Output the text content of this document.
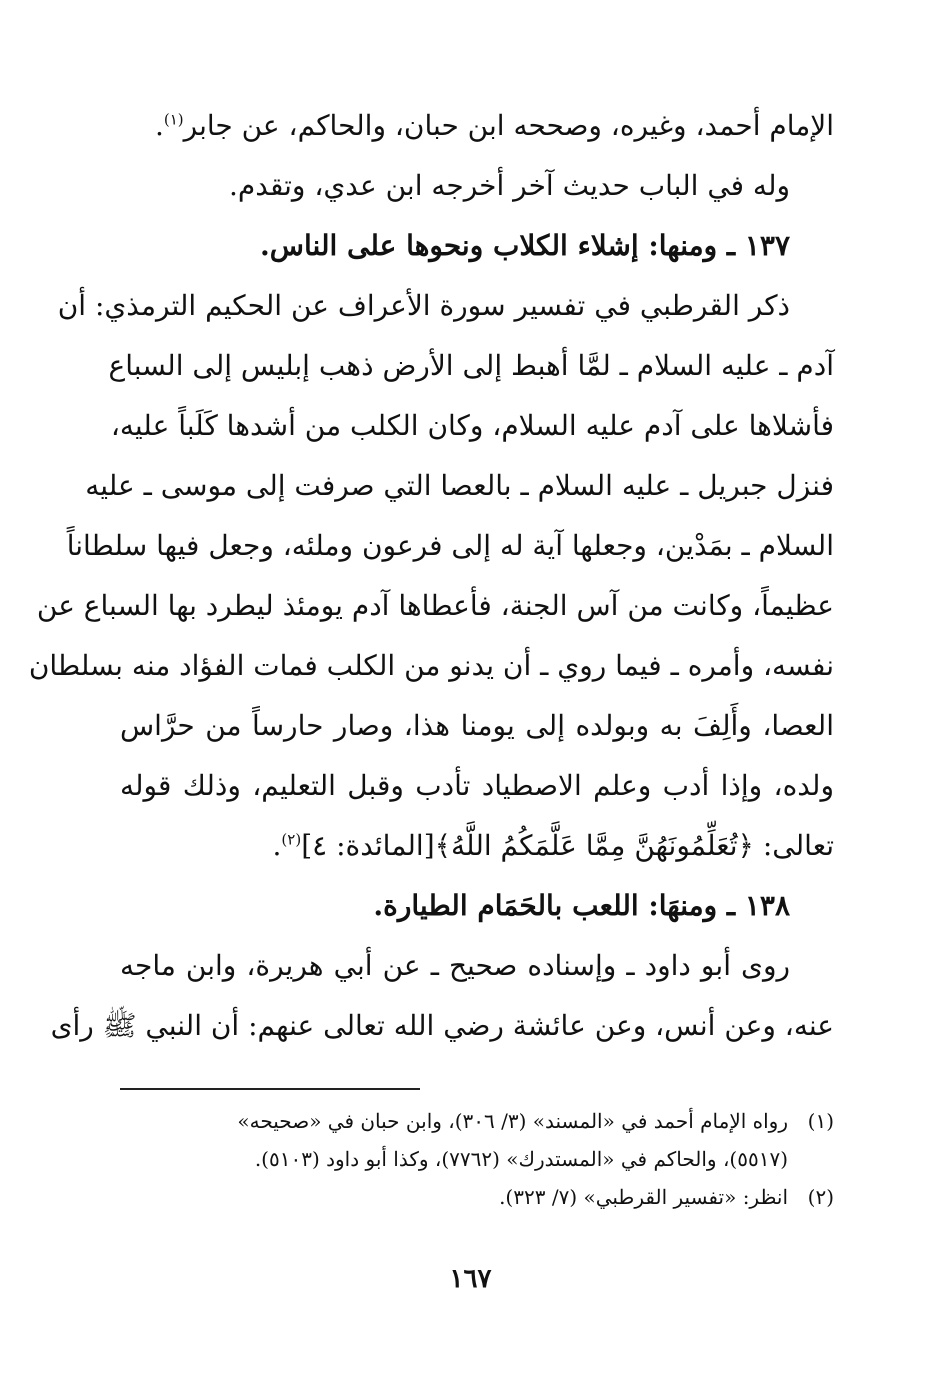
الإمام أحمد، وغيره، وصححه ابن حبان، والحاكم، عن جابر$^{(١)}$.
وله في الباب حديث آخر أخرجه ابن عدي، وتقدم.
١٣٧ ـ ومنها: إشلاء الكلاب ونحوها على الناس.
ذكر القرطبي في تفسير سورة الأعراف عن الحكيم الترمذي: أن
آدم ـ عليه السلام ـ لمَّا أهبط إلى الأرض ذهب إبليس إلى السباع
فأشلاها على آدم عليه السلام، وكان الكلب من أشدها كَلَباً عليه،
فنزل جبريل ـ عليه السلام ـ بالعصا التي صرفت إلى موسى ـ عليه
السلام ـ بمَدْين، وجعلها آية له إلى فرعون وملئه، وجعل فيها سلطاناً
عظيماً، وكانت من آس الجنة، فأعطاها آدم يومئذ ليطرد بها السباع عن
نفسه، وأمره ـ فيما روي ـ أن يدنو من الكلب فمات الفؤاد منه بسلطان
العصا، وأَلِفَ به وبولده إلى يومنا هذا، وصار حارساً من حرَّاس
ولده، وإذا أدب وعلم الاصطياد تأدب وقبل التعليم، وذلك قوله
تعالى: ﴿تُعَلِّمُونَهُنَّ مِمَّا عَلَّمَكُمُ اللَّهُ﴾[المائدة: ٤]$^{(٢)}$.
١٣٨ ـ ومنهَا: اللعب بالحَمَام الطيارة.
روى أبو داود ـ وإسناده صحيح ـ عن أبي هريرة، وابن ماجه
عنه، وعن أنس، وعن عائشة رضي الله تعالى عنهم: أن النبي ﷺ رأى
(١)رواه الإمام أحمد في «المسند» (٣/ ٣٠٦)، وابن حبان في «صحيحه»
(٥٥١٧)، والحاكم في «المستدرك» (٧٧٦٢)، وكذا أبو داود (٥١٠٣).
(٢)انظر: «تفسير القرطبي» (٧/ ٣٢٣).
١٦٧
